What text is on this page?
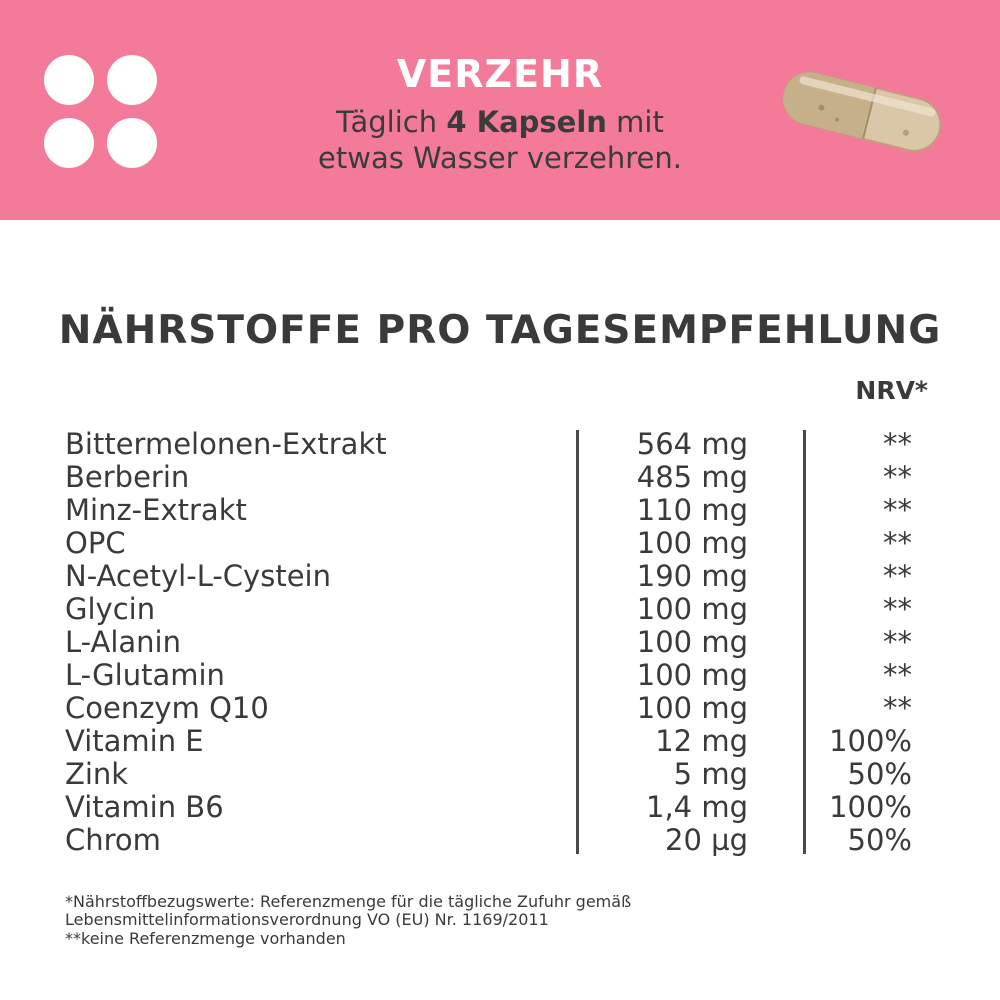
VERZEHR
Täglich 4 Kapseln mit
etwas Wasser verzehren.
NÄHRSTOFFE PRO TAGESEMPFEHLUNG
NRV*
Bittermelonen-Extrakt	564 mg	**
Berberin	485 mg	**
Minz-Extrakt	110 mg	**
OPC	100 mg	**
N-Acetyl-L-Cystein	190 mg	**
Glycin	100 mg	**
L-Alanin	100 mg	**
L-Glutamin	100 mg	**
Coenzym Q10	100 mg	**
Vitamin E	12 mg	100%
Zink	5 mg	50%
Vitamin B6	1,4 mg	100%
Chrom	20 µg	50%
*Nährstoffbezugswerte: Referenzmenge für die tägliche Zufuhr gemäß
Lebensmittelinformationsverordnung VO (EU) Nr. 1169/2011
**keine Referenzmenge vorhanden
